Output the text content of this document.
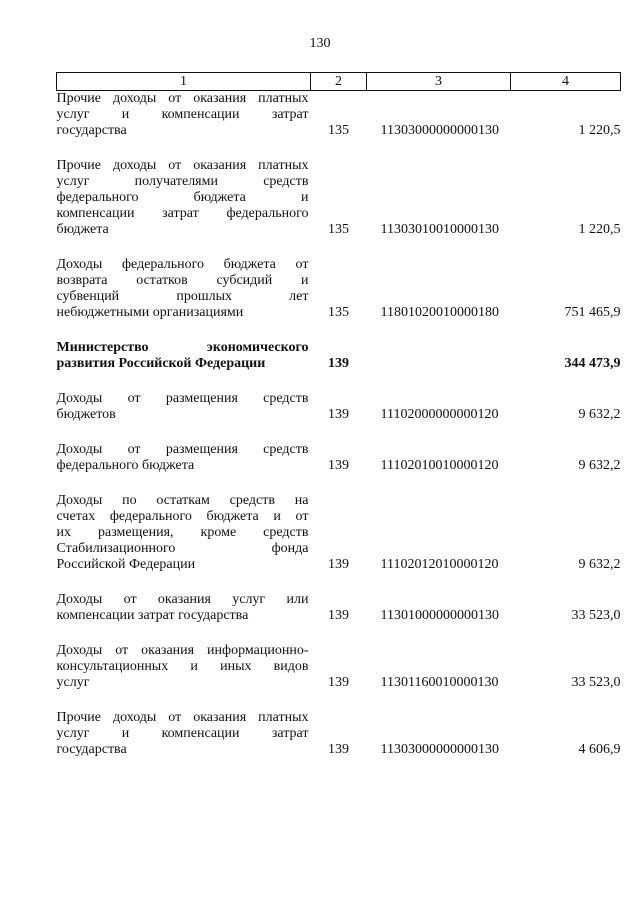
130
1	2	3	4

Прочие доходы от оказания платных
услуг и компенсации затрат
государства	135	11303000000000130	1 220,5

Прочие доходы от оказания платных
услуг получателями средств
федерального бюджета и
компенсации затрат федерального
бюджета	135	11303010010000130	1 220,5

Доходы федерального бюджета от
возврата остатков субсидий и
субвенций прошлых лет
небюджетными организациями	135	11801020010000180	751 465,9

Министерство экономического
развития Российской Федерации	139		344 473,9

Доходы от размещения средств
бюджетов	139	11102000000000120	9 632,2

Доходы от размещения средств
федерального бюджета	139	11102010010000120	9 632,2

Доходы по остаткам средств на
счетах федерального бюджета и от
их размещения, кроме средств
Стабилизационного фонда
Российской Федерации	139	11102012010000120	9 632,2

Доходы от оказания услуг или
компенсации затрат государства	139	11301000000000130	33 523,0

Доходы от оказания информационно-
консультационных и иных видов
услуг	139	11301160010000130	33 523,0

Прочие доходы от оказания платных
услуг и компенсации затрат
государства	139	11303000000000130	4 606,9
